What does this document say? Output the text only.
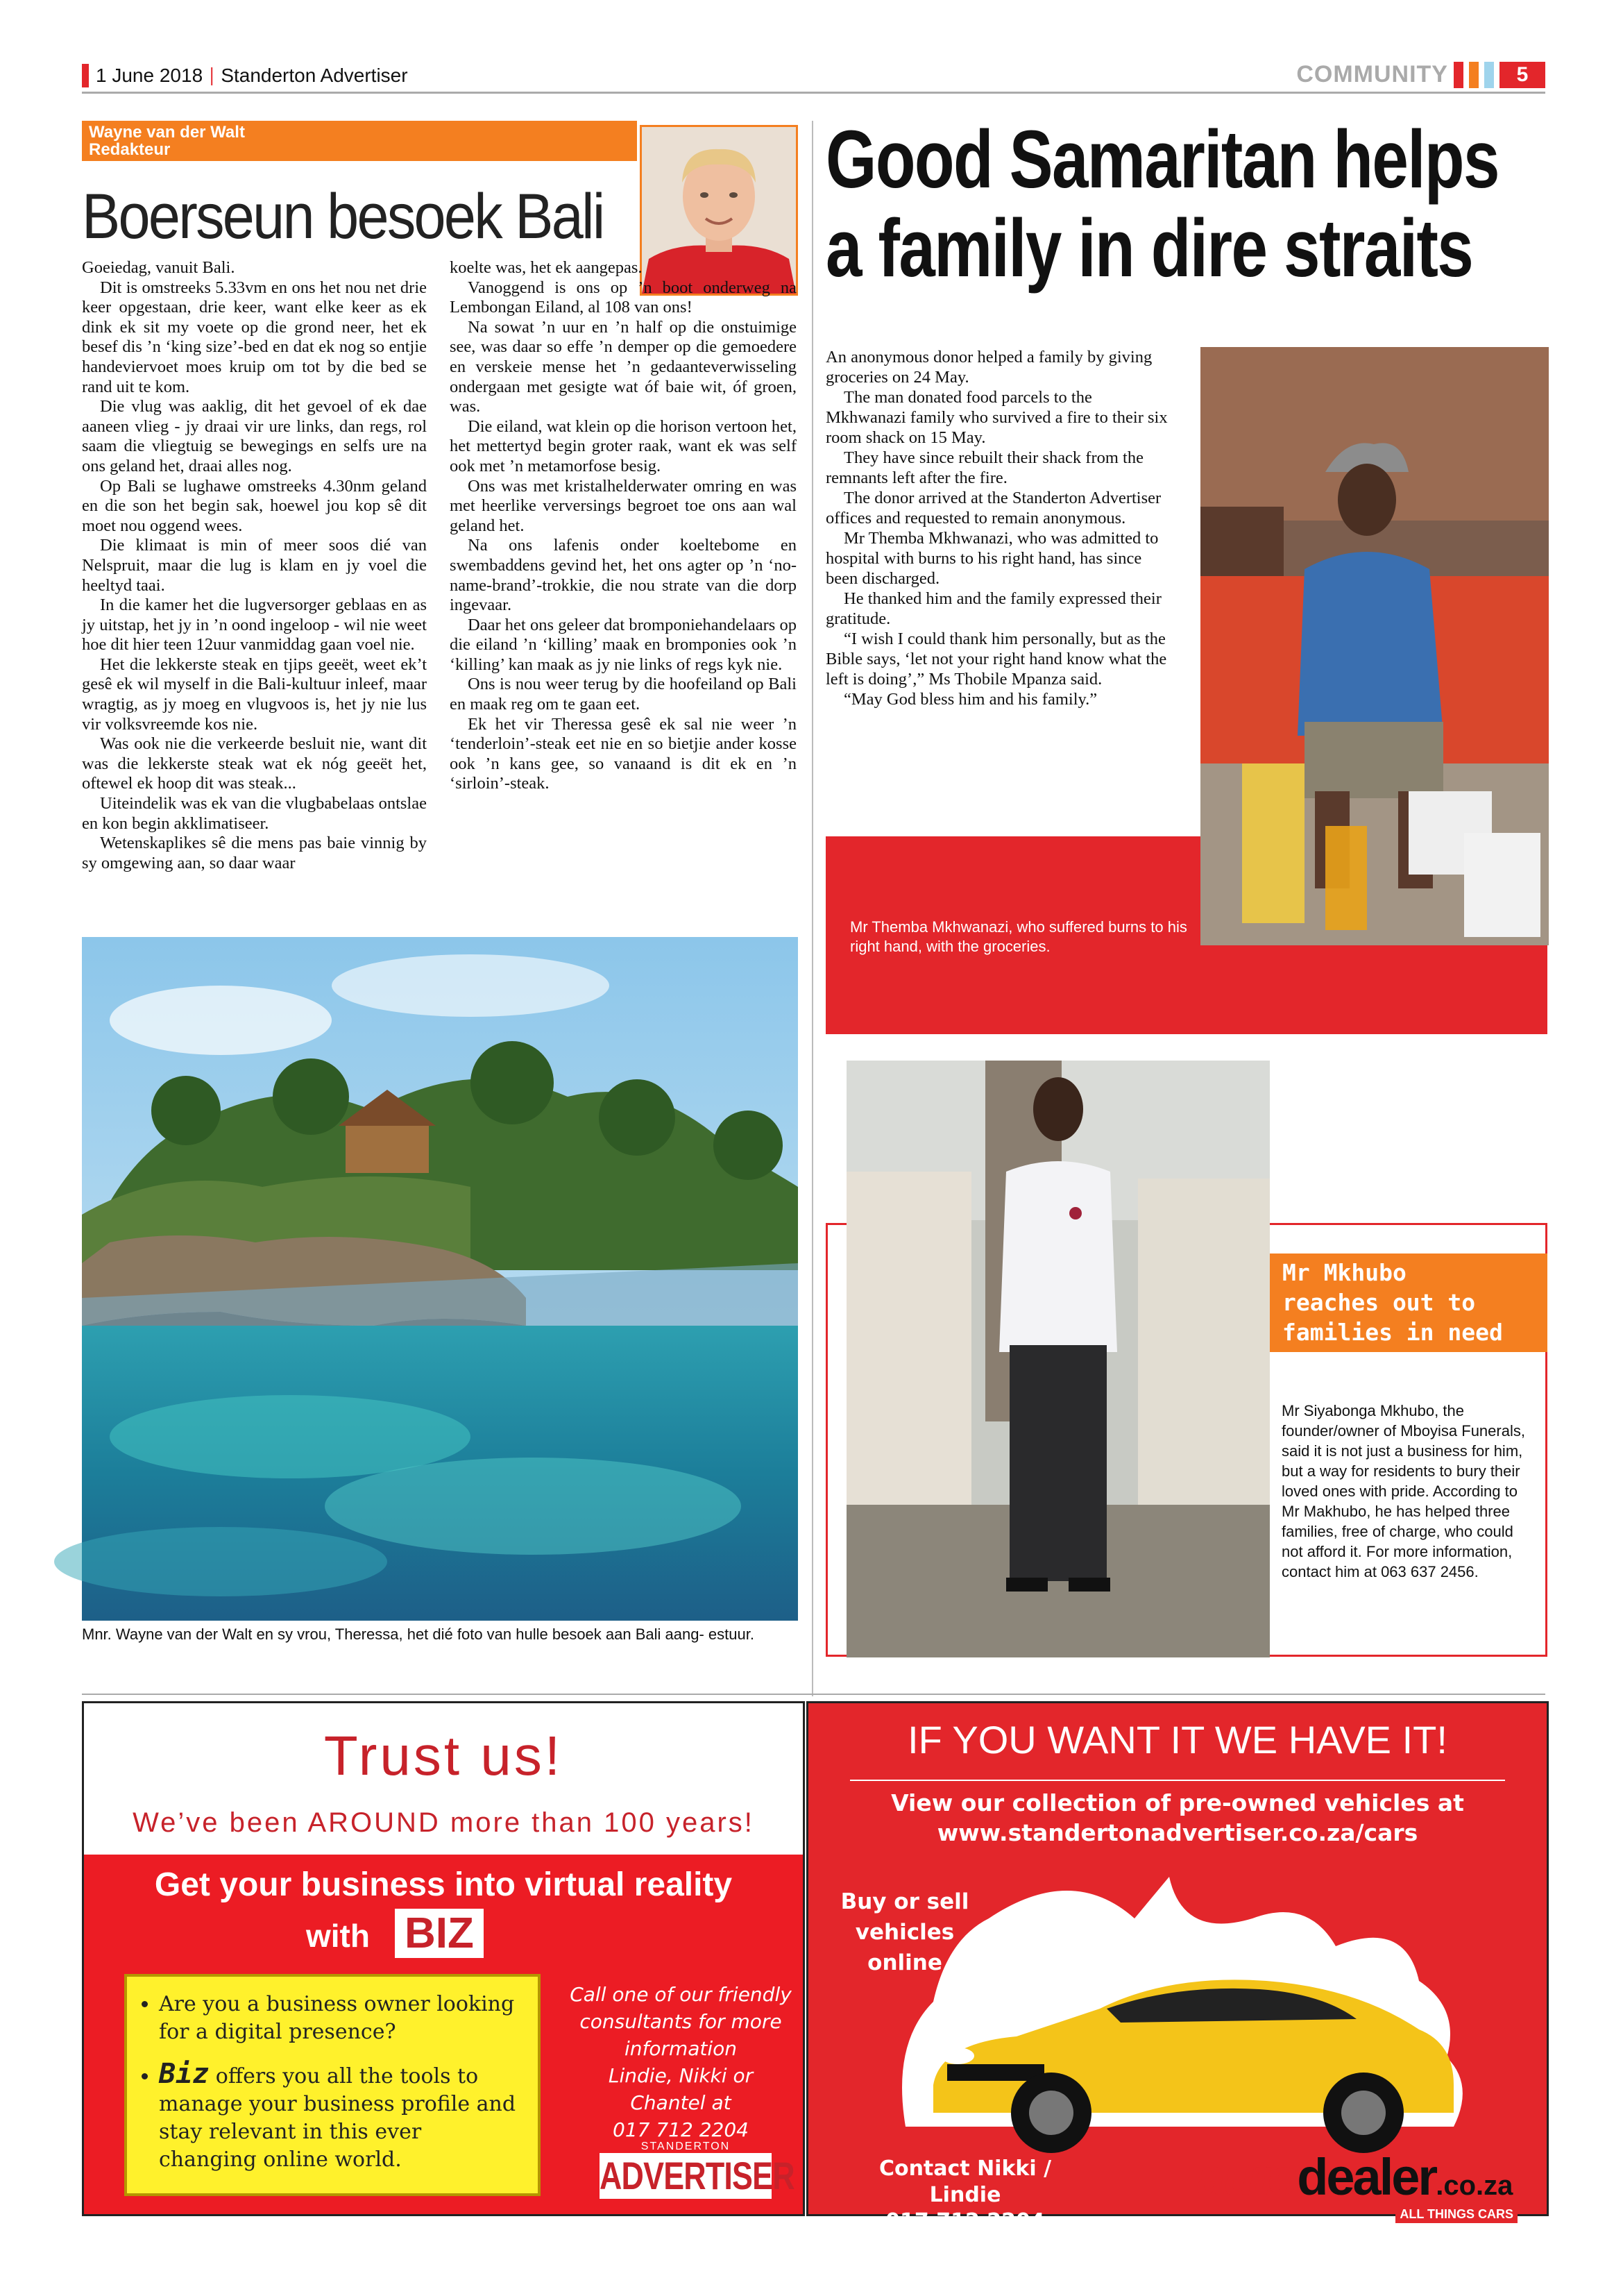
1 June 2018 | Standerton Advertiser	COMMUNITY	5
Wayne van der Walt
Redakteur
Boerseun besoek Bali

Goeiedag, vanuit Bali.

Dit is omstreeks 5.33vm en ons het nou net drie keer opgestaan, drie keer, want elke keer as ek dink ek sit my voete op die grond neer, het ek besef dis ’n ‘king size’-bed en dat ek nog so entjie handeviervoet moes kruip om tot by die bed se rand uit te kom.

Die vlug was aaklig, dit het gevoel of ek dae aaneen vlieg - jy draai vir ure links, dan regs, rol saam die vliegtuig se bewegings en selfs ure na ons geland het, draai alles nog.

Op Bali se lughawe omstreeks 4.30nm geland en die son het begin sak, hoewel jou kop sê dit moet nou oggend wees.

Die klimaat is min of meer soos dié van Nelspruit, maar die lug is klam en jy voel die heeltyd taai.

In die kamer het die lugversorger geblaas en as jy uitstap, het jy in ’n oond ingeloop - wil nie weet hoe dit hier teen 12uur vanmiddag gaan voel nie.

Het die lekkerste steak en tjips geeët, weet ek’t gesê ek wil myself in die Bali-kultuur inleef, maar wragtig, as jy moeg en vlugvoos is, het jy nie lus vir volksvreemde kos nie.

Was ook nie die verkeerde besluit nie, want dit was die lekkerste steak wat ek nóg geeët het, oftewel ek hoop dit was steak...

Uiteindelik was ek van die vlugbabelaas ontslae en kon begin akklimatiseer.

Wetenskaplikes sê die mens pas baie vinnig by sy omgewing aan, so daar waar

koelte was, het ek aangepas.

Vanoggend is ons op ’n boot onderweg na Lembongan Eiland, al 108 van ons!

Na sowat ’n uur en ’n half op die onstuimige see, was daar so effe ’n demper op die gemoedere en verskeie mense het ’n gedaanteverwisseling ondergaan met gesigte wat óf baie wit, óf groen, was.

Die eiland, wat klein op die horison vertoon het, het mettertyd begin groter raak, want ek was self ook met ’n metamorfose besig.

Ons was met kristalhelderwater omring en was met heerlike verversings begroet toe ons aan wal geland het.

Na ons lafenis onder koeltebome en swembaddens gevind het, het ons agter op ’n ‘no-name-brand’-trokkie, die nou strate van die dorp ingevaar.

Daar het ons geleer dat bromponiehandelaars op die eiland ’n ‘killing’ maak en bromponies ook ’n ‘killing’ kan maak as jy nie links of regs kyk nie.

Ons is nou weer terug by die hoofeiland op Bali en maak reg om te gaan eet.

Ek het vir Theressa gesê ek sal nie weer ’n ‘tenderloin’-steak eet nie en so bietjie ander kosse ook ’n kans gee, so vanaand is dit ek en ’n ‘sirloin’-steak.

Mnr. Wayne van der Walt en sy vrou, Theressa, het dié foto van hulle besoek aan Bali aang- estuur.
Good Samaritan helps
a family in dire straits

An anonymous donor helped a family by giving groceries on 24 May.

The man donated food parcels to the Mkhwanazi family who survived a fire to their six room shack on 15 May.

They have since rebuilt their shack from the remnants left after the fire.

The donor arrived at the Standerton Advertiser offices and requested to remain anonymous.

Mr Themba Mkhwanazi, who was admitted to hospital with burns to his right hand, has since been discharged.

He thanked him and the family expressed their gratitude.

“I wish I could thank him personally, but as the Bible says, ‘let not your right hand know what the left is doing’,” Ms Thobile Mpanza said.

“May God bless him and his family.”

Mr Themba Mkhwanazi, who suffered burns to his right hand, with the groceries.
Mr Mkhubo
reaches out to
families in need
Mr Siyabonga Mkhubo, the founder/owner of Mboyisa Funerals, said it is not just a business for him, but a way for residents to bury their loved ones with pride. According to Mr Makhubo, he has helped three families, free of charge, who could not afford it. For more information, contact him at 063 637 2456.
Trust us!
We’ve been AROUND more than 100 years!
Get your business into virtual reality
with BIZ
• Are you a business owner looking for a digital presence?
• Biz offers you all the tools to manage your business profile and stay relevant in this ever changing online world.
Call one of our friendly
consultants for more
information
Lindie, Nikki or
Chantel at
017 712 2204
STANDERTON
ADVERTISER
IF YOU WANT IT WE HAVE IT!
View our collection of pre-owned vehicles at
www.standertonadvertiser.co.za/cars
Buy or sell
vehicles online
Contact Nikki / Lindie
017 712 2204
autodealer.co.za
ALL THINGS CARS
